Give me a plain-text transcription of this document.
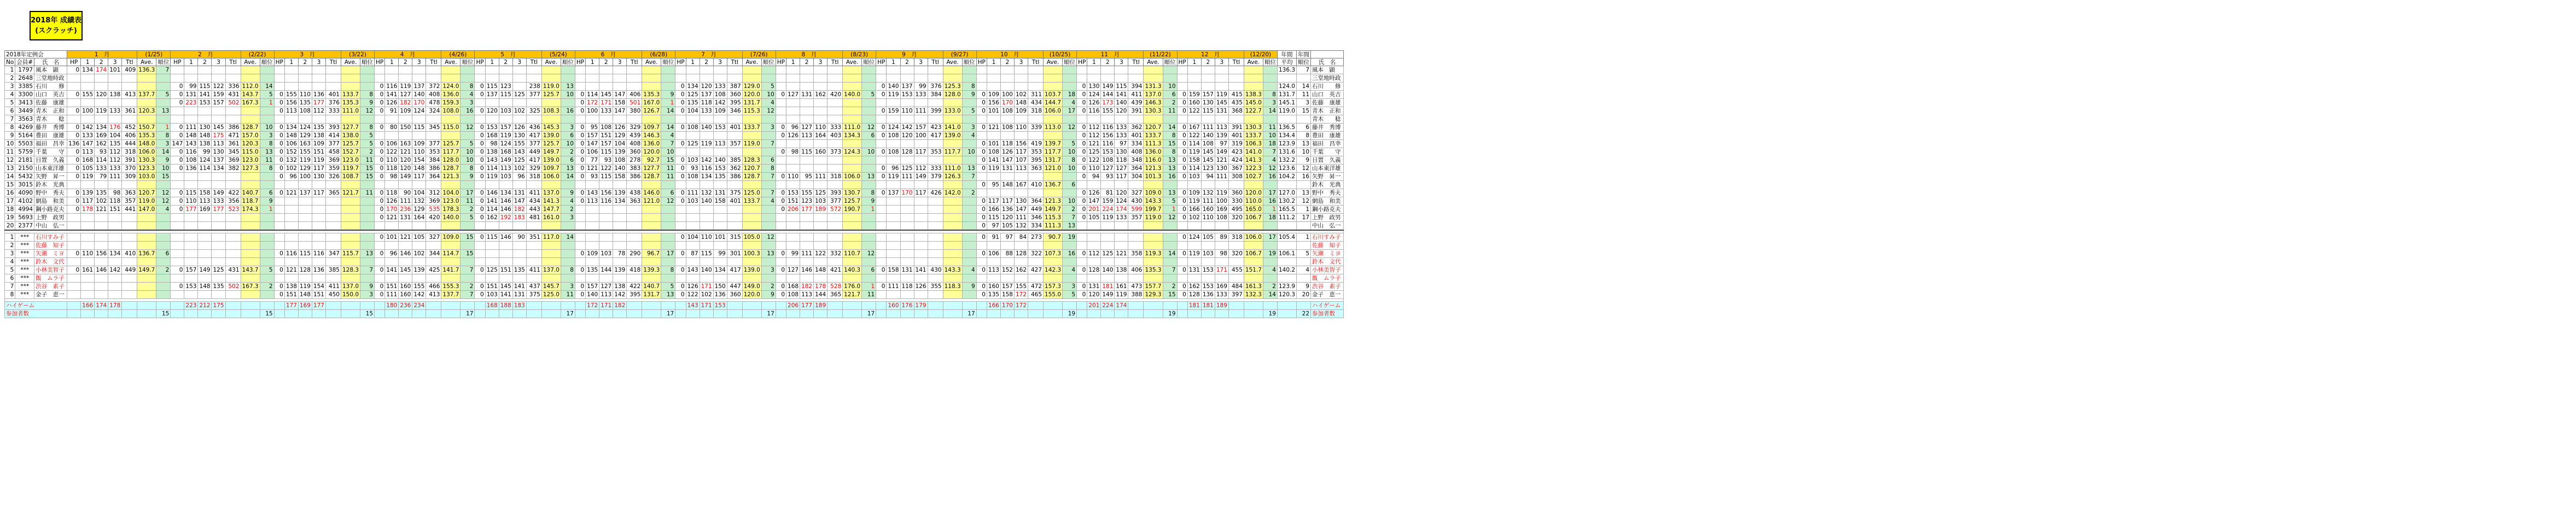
2018年 成績表
(スクラッチ)
2018年定例会	1　月	(1/25)	2　月	(2/22)	3　月	(3/22)	4　月	(4/26)	5　月	(5/24)	6　月	(6/28)	7　月	(7/26)	8　月	(8/23)	9　月	(9/27)	10　月	(10/25)	11　月	(11/22)	12　月	(12/20)	年間	年間	
No	会員#	氏　名	HP	1	2	3	Ttl	Ave.	順位	HP	1	2	3	Ttl	Ave.	順位	HP	1	2	3	Ttl	Ave.	順位	HP	1	2	3	Ttl	Ave.	順位	HP	1	2	3	Ttl	Ave.	順位	HP	1	2	3	Ttl	Ave.	順位	HP	1	2	3	Ttl	Ave.	順位	HP	1	2	3	Ttl	Ave.	順位	HP	1	2	3	Ttl	Ave.	順位	HP	1	2	3	Ttl	Ave.	順位	HP	1	2	3	Ttl	Ave.	順位	HP	1	2	3	Ttl	Ave.	順位	平均	順位	氏　名
1	1797	風本　顕	0	134	174	101	409	136.3	7																																																																														136.3	7	風本　顕
2	2648	三堂地時政																																																																																							三堂地時政
3	3385	石川　　修								0	99	115	122	336	112.0	14								0	116	119	137	372	124.0	8	0	115	123		238	119.0	13								0	134	120	133	387	129.0	5								0	140	137	99	376	125.3	8								0	130	149	115	394	131.3	10								124.0	14	石川　　修
4	3300	山口　英吉	0	155	120	138	413	137.7	5	0	131	141	159	431	143.7	5	0	155	110	136	401	133.7	8	0	141	127	140	408	136.0	4	0	137	115	125	377	125.7	10	0	114	145	147	406	135.3	9	0	125	137	108	360	120.0	10	0	127	131	162	420	140.0	5	0	119	153	133	384	128.0	9	0	109	100	102	311	103.7	18	0	124	144	141	411	137.0	6	0	159	157	119	415	138.3	8	131.7	11	山口　英吉
5	3413	佐藤　康雄								0	223	153	157	502	167.3	1	0	156	135	177	376	135.3	9	0	126	182	170	478	159.3	3								0	172	171	158	501	167.0	1	0	135	118	142	395	131.7	4															0	156	170	148	434	144.7	4	0	126	173	140	439	146.3	2	0	160	130	145	435	145.0	3	145.1	3	佐藤　康雄
6	3449	青木　正和	0	100	119	133	361	120.3	13								0	113	108	112	333	111.0	12	0	91	109	124	324	108.0	16	0	120	103	102	325	108.3	16	0	100	133	147	380	126.7	14	0	104	133	109	346	115.3	12								0	159	110	111	399	133.0	5	0	101	108	109	318	106.0	17	0	116	155	120	391	130.3	11	0	122	115	131	368	122.7	14	119.0	15	青木　正和
7	3563	青木　　稔																																																																																							青木　　稔
8	4269	藤井　秀博	0	142	134	176	452	150.7	1	0	111	130	145	386	128.7	10	0	134	124	135	393	127.7	8	0	80	150	115	345	115.0	12	0	153	157	126	436	145.3	3	0	95	108	126	329	109.7	14	0	108	140	153	401	133.7	3	0	96	127	110	333	111.0	12	0	124	142	157	423	141.0	3	0	121	108	110	339	113.0	12	0	112	116	133	362	120.7	14	0	167	111	113	391	130.3	11	136.5	6	藤井　秀博
9	5164	豊田　康雄	0	133	169	104	406	135.3	8	0	148	148	175	471	157.0	3	0	148	129	138	414	138.0	5								0	168	119	130	417	139.0	6	0	157	151	129	439	146.3	4								0	126	113	164	403	134.3	6	0	108	120	100	417	139.0	4								0	112	156	133	401	133.7	8	0	122	140	139	401	133.7	10	134.4	8	豊田　康雄
10	5503	福田　昌幸	136	147	162	135	444	148.0	3	147	143	138	113	361	120.3	8	0	106	163	109	377	125.7	5	0	106	163	109	377	125.7	5	0	98	124	155	377	125.7	10	0	147	157	104	408	136.0	7	0	125	119	113	357	119.0	7															0	101	118	156	419	139.7	5	0	121	116	97	334	111.3	15	0	114	108	97	319	106.3	18	123.9	13	福田　昌幸
11	5759	千葉　　守	0	113	93	112	318	106.0	14	0	116	99	130	345	115.0	13	0	152	155	151	458	152.7	2	0	122	121	110	353	117.7	10	0	138	168	143	449	149.7	2	0	106	115	139	360	120.0	10								0	98	115	160	373	124.3	10	0	108	128	117	353	117.7	10	0	108	126	117	353	117.7	10	0	125	153	130	408	136.0	8	0	119	145	149	423	141.0	7	131.6	10	千葉　　守
12	2181	日置　久義	0	168	114	112	391	130.3	9	0	108	124	137	369	123.0	11	0	132	119	119	369	123.0	11	0	110	120	154	384	128.0	10	0	143	149	125	417	139.0	6	0	77	93	108	278	92.7	15	0	103	142	140	385	128.3	6															0	141	147	107	395	131.7	8	0	122	108	118	348	116.0	13	0	158	145	121	424	141.3	4	132.2	9	日置　久義
13	2150	山本東洋雄	0	105	133	133	370	123.3	10	0	136	114	134	382	127.3	8	0	102	129	117	359	119.7	15	0	118	120	148	386	128.7	8	0	114	113	102	329	109.7	13	0	121	122	140	383	127.7	11	0	93	116	153	362	120.7	8								0	96	125	112	333	111.0	13	0	119	131	113	363	121.0	10	0	110	127	127	364	121.3	13	0	114	123	130	367	122.3	12	123.6	12	山本東洋雄
14	5432	矢野　昇一	0	119	79	111	309	103.0	15								0	96	100	130	326	108.7	15	0	98	149	117	364	121.3	9	0	119	103	96	318	106.0	14	0	93	115	158	386	128.7	11	0	108	134	135	386	128.7	7	0	110	95	111	318	106.0	13	0	119	111	149	379	126.3	7								0	94	93	117	304	101.3	16	0	103	94	111	308	102.7	16	104.2	16	矢野　昇一
15	3015	鈴木　光典																																																																0	95	148	167	410	136.7	6																	鈴木　光典
16	4090	野中　秀夫	0	139	135	98	363	120.7	12	0	115	158	149	422	140.7	6	0	121	137	117	365	121.7	11	0	118	90	104	312	104.0	17	0	146	134	131	411	137.0	9	0	143	156	139	438	146.0	6	0	111	132	131	375	125.0	7	0	153	155	125	393	130.7	8	0	137	170	117	426	142.0	2								0	126	81	120	327	109.0	13	0	109	132	119	360	120.0	17	127.0	13	野中　秀夫
17	4102	網島　和美	0	117	102	118	357	119.0	12	0	110	113	133	356	118.7	9								0	126	111	132	369	123.0	11	0	141	146	147	434	141.3	4	0	113	116	134	363	121.0	12	0	103	140	158	401	133.7	4	0	151	123	103	377	125.7	9								0	117	117	130	364	121.3	10	0	147	159	124	430	143.3	5	0	119	111	100	330	110.0	16	130.2	12	網島　和美
18	4994	鋼小路克夫	0	178	121	151	441	147.0	4	0	177	169	177	523	174.3	1								0	170	236	129	535	178.3	2	0	114	146	182	443	147.7	2															0	206	177	189	572	190.7	1								0	166	136	147	449	149.7	2	0	201	224	174	599	199.7	1	0	166	160	169	495	165.0	1	165.5	1	鋼小路克夫
19	5693	上野　政男																						0	121	131	164	420	140.0	5	0	162	192	183	481	161.0	3																													0	115	120	111	346	115.3	7	0	105	119	133	357	119.0	12	0	102	110	108	320	106.7	18	111.2	17	上野　政男
20	2377	中山　弘一																																																																0	97	105	132	334	111.3	13																	中山　弘一

1	***	石川すみ子																						0	101	121	105	327	109.0	15	0	115	146	90	351	117.0	14								0	104	110	101	315	105.0	12															0	91	97	84	273	90.7	19								0	124	105	89	318	106.0	17	105.4	1	石川すみ子
2	***	佐藤　知子																																																																																							佐藤　知子
3	***	矢瀬　ミヨ	0	110	156	134	410	136.7	6								0	116	115	116	347	115.7	13	0	96	146	102	344	114.7	15								0	109	103	78	290	96.7	17	0	87	115	99	301	100.3	13	0	99	111	122	332	110.7	12								0	106	88	128	322	107.3	16	0	112	125	121	358	119.3	14	0	119	103	98	320	106.7	19	106.1	5	矢瀬　ミヨ
4	***	鈴木　文代																																																																																							鈴木　文代
5	***	小林美智子	0	161	146	142	449	149.7	2	0	157	149	125	431	143.7	5	0	121	128	136	385	128.3	7	0	141	145	139	425	141.7	7	0	125	151	135	411	137.0	8	0	135	144	139	418	139.3	8	0	143	140	134	417	139.0	3	0	127	146	148	421	140.3	6	0	158	131	141	430	143.3	4	0	113	152	162	427	142.3	4	0	128	140	138	406	135.3	7	0	131	153	171	455	151.7	4	140.2	4	小林美智子
6	***	飯　ムラ子																																																																																							飯　ムラ子
7	***	渋谷　素子								0	153	148	135	502	167.3	2	0	138	119	154	411	137.0	9	0	151	160	155	466	155.3	2	0	151	145	141	437	145.7	3	0	157	127	138	422	140.7	5	0	126	171	150	447	149.0	2	0	168	182	178	528	176.0	1	0	111	118	126	355	118.3	9	0	160	157	155	472	157.3	3	0	131	181	161	473	157.7	2	0	162	153	169	484	161.3	2	123.9	9	渋谷　素子
8	***	金子　恵一															0	151	148	151	450	150.0	3	0	111	160	142	413	137.7	7	0	103	141	131	375	125.0	11	0	140	113	142	395	131.7	13	0	122	102	136	360	120.0	9	0	108	113	144	365	121.7	11								0	135	158	172	465	155.0	5	0	120	149	119	388	129.3	15	0	128	136	133	397	132.3	14	120.3	20	金子　恵一

ハイゲーム		166	174	178					223	212	175					177	169	177					180	236	234					168	188	183					172	171	182					143	171	153					206	177	189					160	176	179					166	170	172					201	224	174					181	181	189						ハイゲーム
参加者数							15							15							15							17							17							17							17							17							17							19							19							19		22	参加者数
